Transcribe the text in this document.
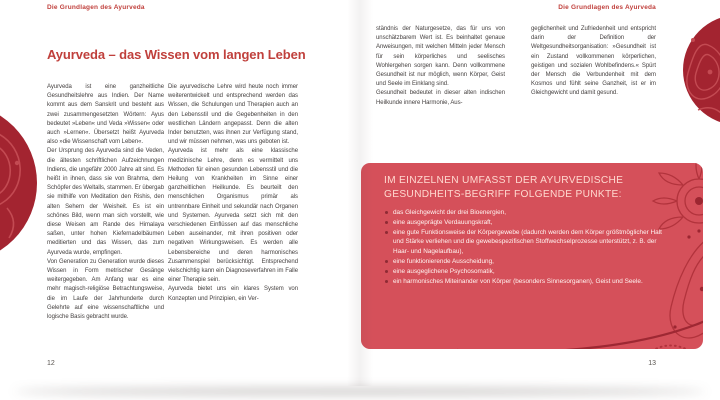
Die Grundlagen des Ayurveda
Ayurveda – das Wissen vom langen Leben

Ayurveda ist eine ganzheitliche Gesundheitslehre aus Indien. Der Name kommt aus dem Sanskrit und besteht aus zwei zusammengesetzten Wörtern: Ayus bedeutet »Leben« und Veda »Wissen« oder auch »Lernen«. Übersetzt heißt Ayurveda also »die Wissenschaft vom Leben«.

Der Ursprung des Ayurveda sind die Veden, die ältesten schriftlichen Aufzeichnungen Indiens, die ungefähr 2000 Jahre alt sind. Es heißt in ihnen, dass sie von Brahma, dem Schöpfer des Weltalls, stammen. Er übergab sie mithilfe von Meditation den Rishis, den alten Sehern der Weisheit. Es ist ein schönes Bild, wenn man sich vorstellt, wie diese Weisen am Rande des Himalaya saßen, unter hohen Kiefernadelbäumen meditierten und das Wissen, das zum Ayurveda wurde, empfingen.

Von Generation zu Generation wurde dieses Wissen in Form metrischer Gesänge weitergegeben. Am Anfang war es eine mehr magisch-religiöse Betrachtungsweise, die im Laufe der Jahrhunderte durch Gelehrte auf eine wissenschaftliche und logische Basis gebracht wurde.

Die ayurvedische Lehre wird heute noch immer weiterentwickelt und entsprechend werden das Wissen, die Schulungen und Therapien auch an den Lebensstil und die Gegebenheiten in den westlichen Ländern angepasst. Denn die alten Inder benutzten, was ihnen zur Verfügung stand, und wir müssen nehmen, was uns geboten ist.

Ayurveda ist mehr als eine klassische medizinische Lehre, denn es vermittelt uns Methoden für einen gesunden Lebensstil und die Heilung von Krankheiten im Sinne einer ganzheitlichen Heilkunde. Es beurteilt den menschlichen Organismus primär als untrennbare Einheit und sekundär nach Organen und Systemen. Ayurveda setzt sich mit den verschiedenen Einflüssen auf das menschliche Leben auseinander, mit ihren positiven oder negativen Wirkungsweisen. Es werden alle Lebensbereiche und deren harmonisches Zusammenspiel berücksichtigt. Entsprechend vielschichtig kann ein Diagnoseverfahren im Falle einer Therapie sein.

Ayurveda bietet uns ein klares System von Konzepten und Prinzipien, ein Ver-

12
Die Grundlagen des Ayurveda

ständnis der Naturgesetze, das für uns von unschätzbarem Wert ist. Es beinhaltet genaue Anweisungen, mit welchen Mitteln jeder Mensch für sein körperliches und seelisches Wohlergehen sorgen kann. Denn vollkommene Gesundheit ist nur möglich, wenn Körper, Geist und Seele im Einklang sind.

Gesundheit bedeutet in dieser alten indischen Heilkunde innere Harmonie, Aus-

geglichenheit und Zufriedenheit und entspricht darin der Definition der Weltgesundheitsorganisation: »Gesundheit ist ein Zustand vollkommenen körperlichen, geistigen und sozialen Wohlbefindens.« Spürt der Mensch die Verbundenheit mit dem Kosmos und fühlt seine Ganzheit, ist er im Gleichgewicht und damit gesund.

IM EINZELNEN UMFASST DER AYURVEDISCHE GESUNDHEITS-BEGRIFF FOLGENDE PUNKTE:
das Gleichgewicht der drei Bioenergien,
eine ausgeprägte Verdauungskraft,
eine gute Funktionsweise der Körpergewebe (dadurch werden dem Körper größtmöglicher Halt und Stärke verliehen und die gewebespezifischen Stoffwechselprozesse unterstützt, z. B. der Haar- und Nagelaufbau),
eine funktionierende Ausscheidung,
eine ausgeglichene Psychosomatik,
ein harmonisches Miteinander von Körper (besonders Sinnesorganen), Geist und Seele.
13
